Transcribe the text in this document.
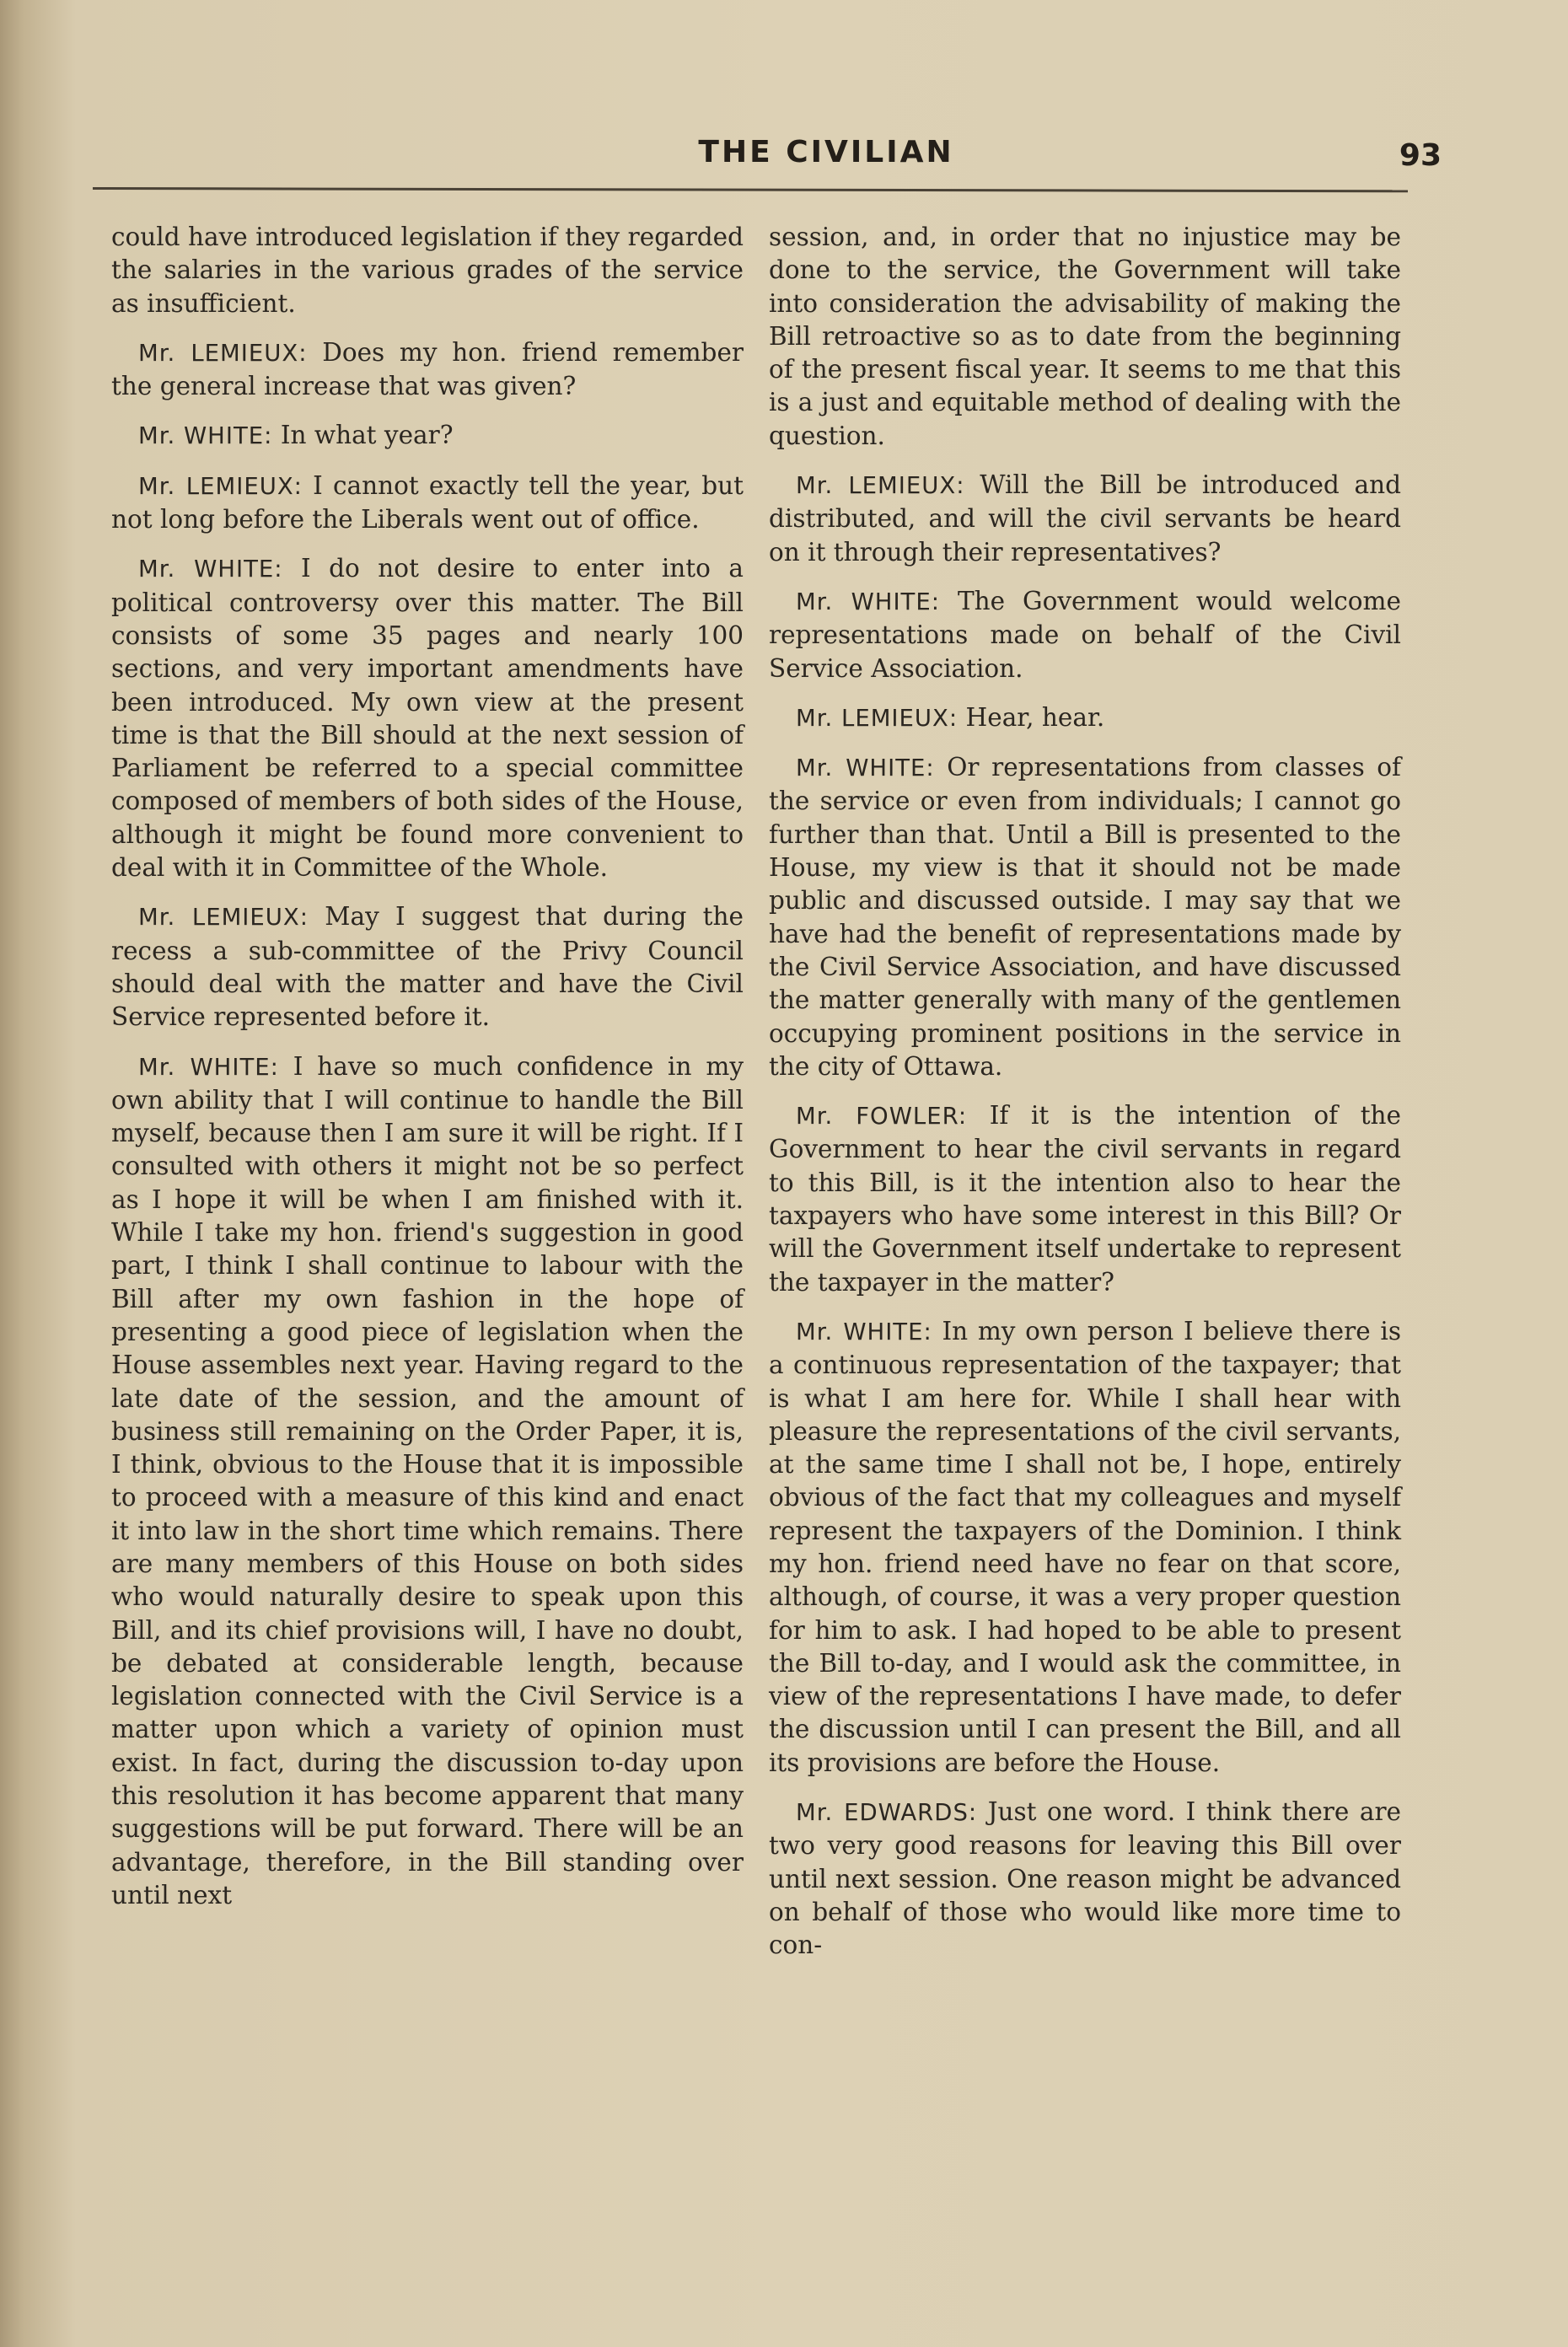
THE CIVILIAN	93

could have introduced legislation if they regarded the salaries in the various grades of the service as insufficient.

Mr. LEMIEUX: Does my hon. friend remember the general increase that was given?

Mr. WHITE: In what year?

Mr. LEMIEUX: I cannot exactly tell the year, but not long before the Liberals went out of office.

Mr. WHITE: I do not desire to enter into a political controversy over this matter. The Bill consists of some 35 pages and nearly 100 sections, and very important amendments have been introduced. My own view at the present time is that the Bill should at the next session of Parliament be referred to a special committee composed of members of both sides of the House, although it might be found more convenient to deal with it in Committee of the Whole.

Mr. LEMIEUX: May I suggest that during the recess a sub-committee of the Privy Council should deal with the matter and have the Civil Service represented before it.

Mr. WHITE: I have so much confidence in my own ability that I will continue to handle the Bill myself, because then I am sure it will be right. If I consulted with others it might not be so perfect as I hope it will be when I am finished with it. While I take my hon. friend's suggestion in good part, I think I shall continue to labour with the Bill after my own fashion in the hope of presenting a good piece of legislation when the House assembles next year. Having regard to the late date of the session, and the amount of business still remaining on the Order Paper, it is, I think, obvious to the House that it is impossible to proceed with a measure of this kind and enact it into law in the short time which remains. There are many members of this House on both sides who would naturally desire to speak upon this Bill, and its chief provisions will, I have no doubt, be debated at considerable length, because legislation connected with the Civil Service is a matter upon which a variety of opinion must exist. In fact, during the discussion to-day upon this resolution it has become apparent that many suggestions will be put forward. There will be an advantage, therefore, in the Bill standing over until next

session, and, in order that no injustice may be done to the service, the Government will take into consideration the advisability of making the Bill retroactive so as to date from the beginning of the present fiscal year. It seems to me that this is a just and equitable method of dealing with the question.

Mr. LEMIEUX: Will the Bill be introduced and distributed, and will the civil servants be heard on it through their representatives?

Mr. WHITE: The Government would welcome representations made on behalf of the Civil Service Association.

Mr. LEMIEUX: Hear, hear.

Mr. WHITE: Or representations from classes of the service or even from individuals; I cannot go further than that. Until a Bill is presented to the House, my view is that it should not be made public and discussed outside. I may say that we have had the benefit of representations made by the Civil Service Association, and have discussed the matter generally with many of the gentlemen occupying prominent positions in the service in the city of Ottawa.

Mr. FOWLER: If it is the intention of the Government to hear the civil servants in regard to this Bill, is it the intention also to hear the taxpayers who have some interest in this Bill? Or will the Government itself undertake to represent the taxpayer in the matter?

Mr. WHITE: In my own person I believe there is a continuous representation of the taxpayer; that is what I am here for. While I shall hear with pleasure the representations of the civil servants, at the same time I shall not be, I hope, entirely obvious of the fact that my colleagues and myself represent the taxpayers of the Dominion. I think my hon. friend need have no fear on that score, although, of course, it was a very proper question for him to ask. I had hoped to be able to present the Bill to-day, and I would ask the committee, in view of the representations I have made, to defer the discussion until I can present the Bill, and all its provisions are before the House.

Mr. EDWARDS: Just one word. I think there are two very good reasons for leaving this Bill over until next session. One reason might be advanced on behalf of those who would like more time to con-
